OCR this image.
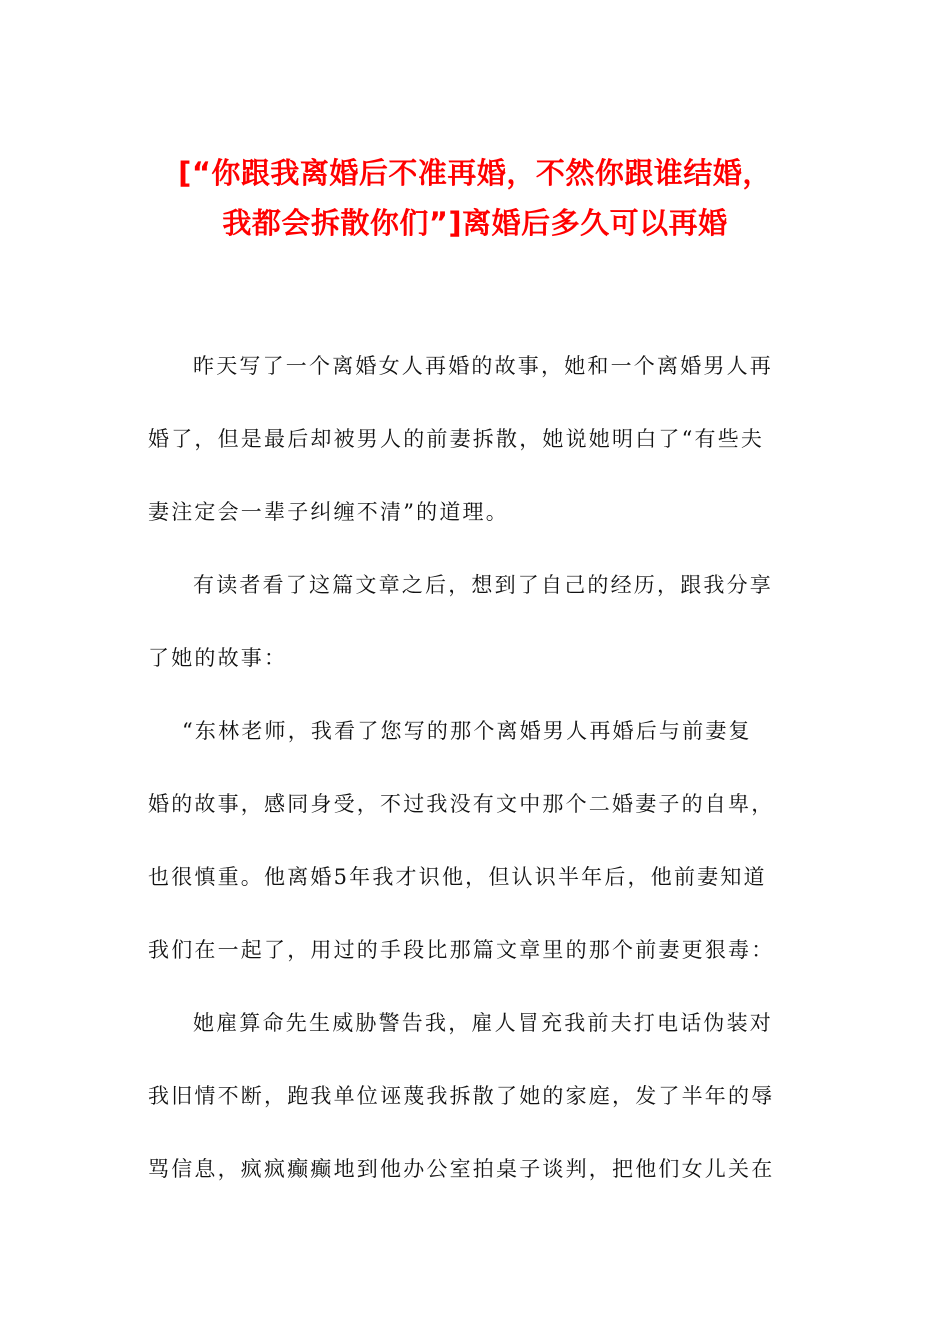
[“你跟我离婚后不准再婚，不然你跟谁结婚，
我都会拆散你们”]离婚后多久可以再婚
昨天写了一个离婚女人再婚的故事，她和一个离婚男人再
婚了，但是最后却被男人的前妻拆散，她说她明白了“有些夫
妻注定会一辈子纠缠不清”的道理。
有读者看了这篇文章之后，想到了自己的经历，跟我分享
了她的故事：
“东林老师，我看了您写的那个离婚男人再婚后与前妻复
婚的故事，感同身受，不过我没有文中那个二婚妻子的自卑，
也很慎重。他离婚5年我才识他，但认识半年后，他前妻知道
我们在一起了，用过的手段比那篇文章里的那个前妻更狠毒：
她雇算命先生威胁警告我，雇人冒充我前夫打电话伪装对
我旧情不断，跑我单位诬蔑我拆散了她的家庭，发了半年的辱
骂信息，疯疯癫癫地到他办公室拍桌子谈判，把他们女儿关在
